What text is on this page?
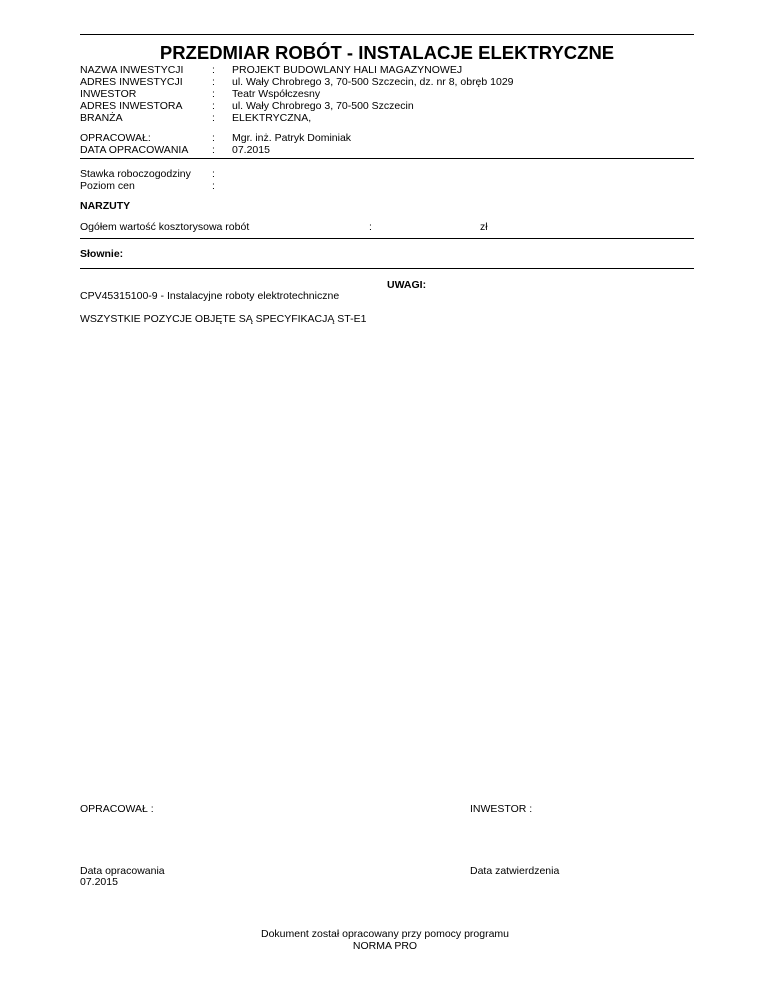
PRZEDMIAR ROBÓT - INSTALACJE ELEKTRYCZNE
NAZWA INWESTYCJI	: PROJEKT BUDOWLANY HALI MAGAZYNOWEJ
ADRES INWESTYCJI	: ul. Wały Chrobrego 3, 70-500 Szczecin, dz. nr 8, obręb 1029
INWESTOR	: Teatr Współczesny
ADRES INWESTORA	: ul. Wały Chrobrego 3, 70-500 Szczecin
BRANŻA	: ELEKTRYCZNA,
OPRACOWAŁ:	: Mgr. inż. Patryk Dominiak
DATA OPRACOWANIA : 07.2015
Stawka roboczogodziny :
Poziom cen	:
NARZUTY
Ogółem wartość kosztorysowa robót	:	zł
Słownie:
UWAGI:
CPV45315100-9 - Instalacyjne roboty elektrotechniczne
WSZYSTKIE POZYCJE OBJĘTE SĄ SPECYFIKACJĄ ST-E1
OPRACOWAŁ :	INWESTOR :
Data opracowania
07.2015
Data zatwierdzenia
Dokument został opracowany przy pomocy programu
NORMA PRO
